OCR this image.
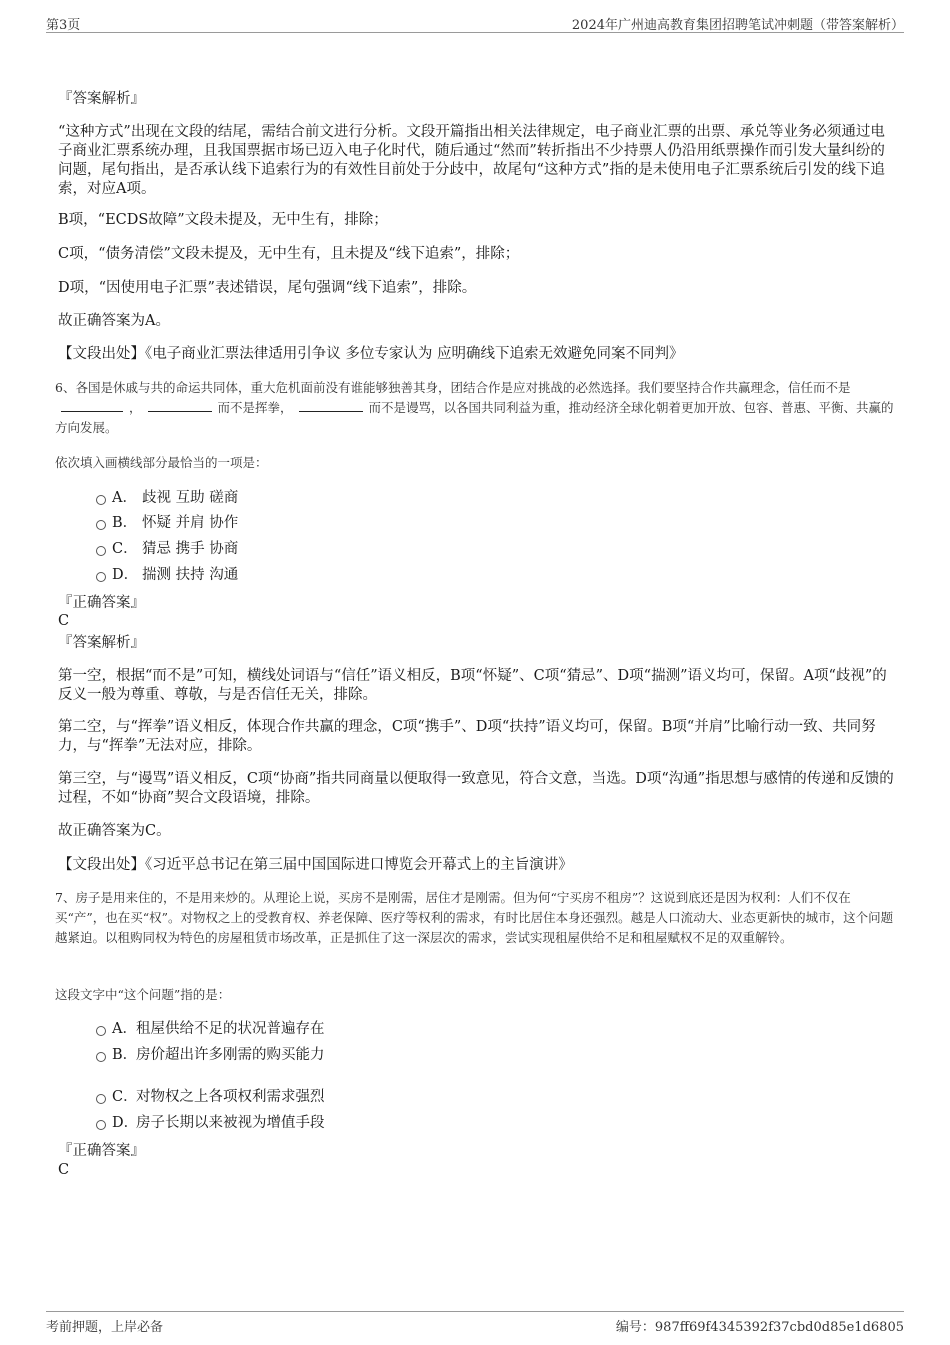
第3页	2024年广州迪高教育集团招聘笔试冲刺题（带答案解析）

『答案解析』

“这种方式”出现在文段的结尾，需结合前文进行分析。文段开篇指出相关法律规定，电子商业汇票的出票、承兑等业务必须通过电子商业汇票系统办理，且我国票据市场已迈入电子化时代，随后通过“然而”转折指出不少持票人仍沿用纸票操作而引发大量纠纷的问题，尾句指出，是否承认线下追索行为的有效性目前处于分歧中，故尾句“这种方式”指的是未使用电子汇票系统后引发的线下追索，对应A项。

B项，“ECDS故障”文段未提及，无中生有，排除；

C项，“债务清偿”文段未提及，无中生有，且未提及“线下追索”，排除；

D项，“因使用电子汇票”表述错误，尾句强调“线下追索”，排除。

故正确答案为A。

【文段出处】《电子商业汇票法律适用引争议 多位专家认为 应明确线下追索无效避免同案不同判》

6、各国是休戚与共的命运共同体，重大危机面前没有谁能够独善其身，团结合作是应对挑战的必然选择。我们要坚持合作共赢理念，信任而不是，	而不是挥拳，	而不是谩骂，以各国共同利益为重，推动经济全球化朝着更加开放、包容、普惠、平衡、共赢的方向发展。

依次填入画横线部分最恰当的一项是：

A． 歧视 互助 磋商
B． 怀疑 并肩 协作
C． 猜忌 携手 协商
D． 揣测 扶持 沟通

『正确答案』

C

『答案解析』

第一空，根据“而不是”可知，横线处词语与“信任”语义相反，B项“怀疑”、C项“猜忌”、D项“揣测”语义均可，保留。A项“歧视”的反义一般为尊重、尊敬，与是否信任无关，排除。

第二空，与“挥拳”语义相反，体现合作共赢的理念，C项“携手”、D项“扶持”语义均可，保留。B项“并肩”比喻行动一致、共同努力，与“挥拳”无法对应，排除。

第三空，与“谩骂”语义相反，C项“协商”指共同商量以便取得一致意见，符合文意，当选。D项“沟通”指思想与感情的传递和反馈的过程，不如“协商”契合文段语境，排除。

故正确答案为C。

【文段出处】《习近平总书记在第三届中国国际进口博览会开幕式上的主旨演讲》

7、房子是用来住的，不是用来炒的。从理论上说，买房不是刚需，居住才是刚需。但为何“宁买房不租房”？这说到底还是因为权利：人们不仅在买“产”，也在买“权”。对物权之上的受教育权、养老保障、医疗等权利的需求，有时比居住本身还强烈。越是人口流动大、业态更新快的城市，这个问题越紧迫。以租购同权为特色的房屋租赁市场改革，正是抓住了这一深层次的需求，尝试实现租屋供给不足和租屋赋权不足的双重解铃。

这段文字中“这个问题”指的是：

A．租屋供给不足的状况普遍存在
B．房价超出许多刚需的购买能力
C．对物权之上各项权利需求强烈
D．房子长期以来被视为增值手段

『正确答案』

C

考前押题，上岸必备	编号：987ff69f4345392f37cbd0d85e1d6805
